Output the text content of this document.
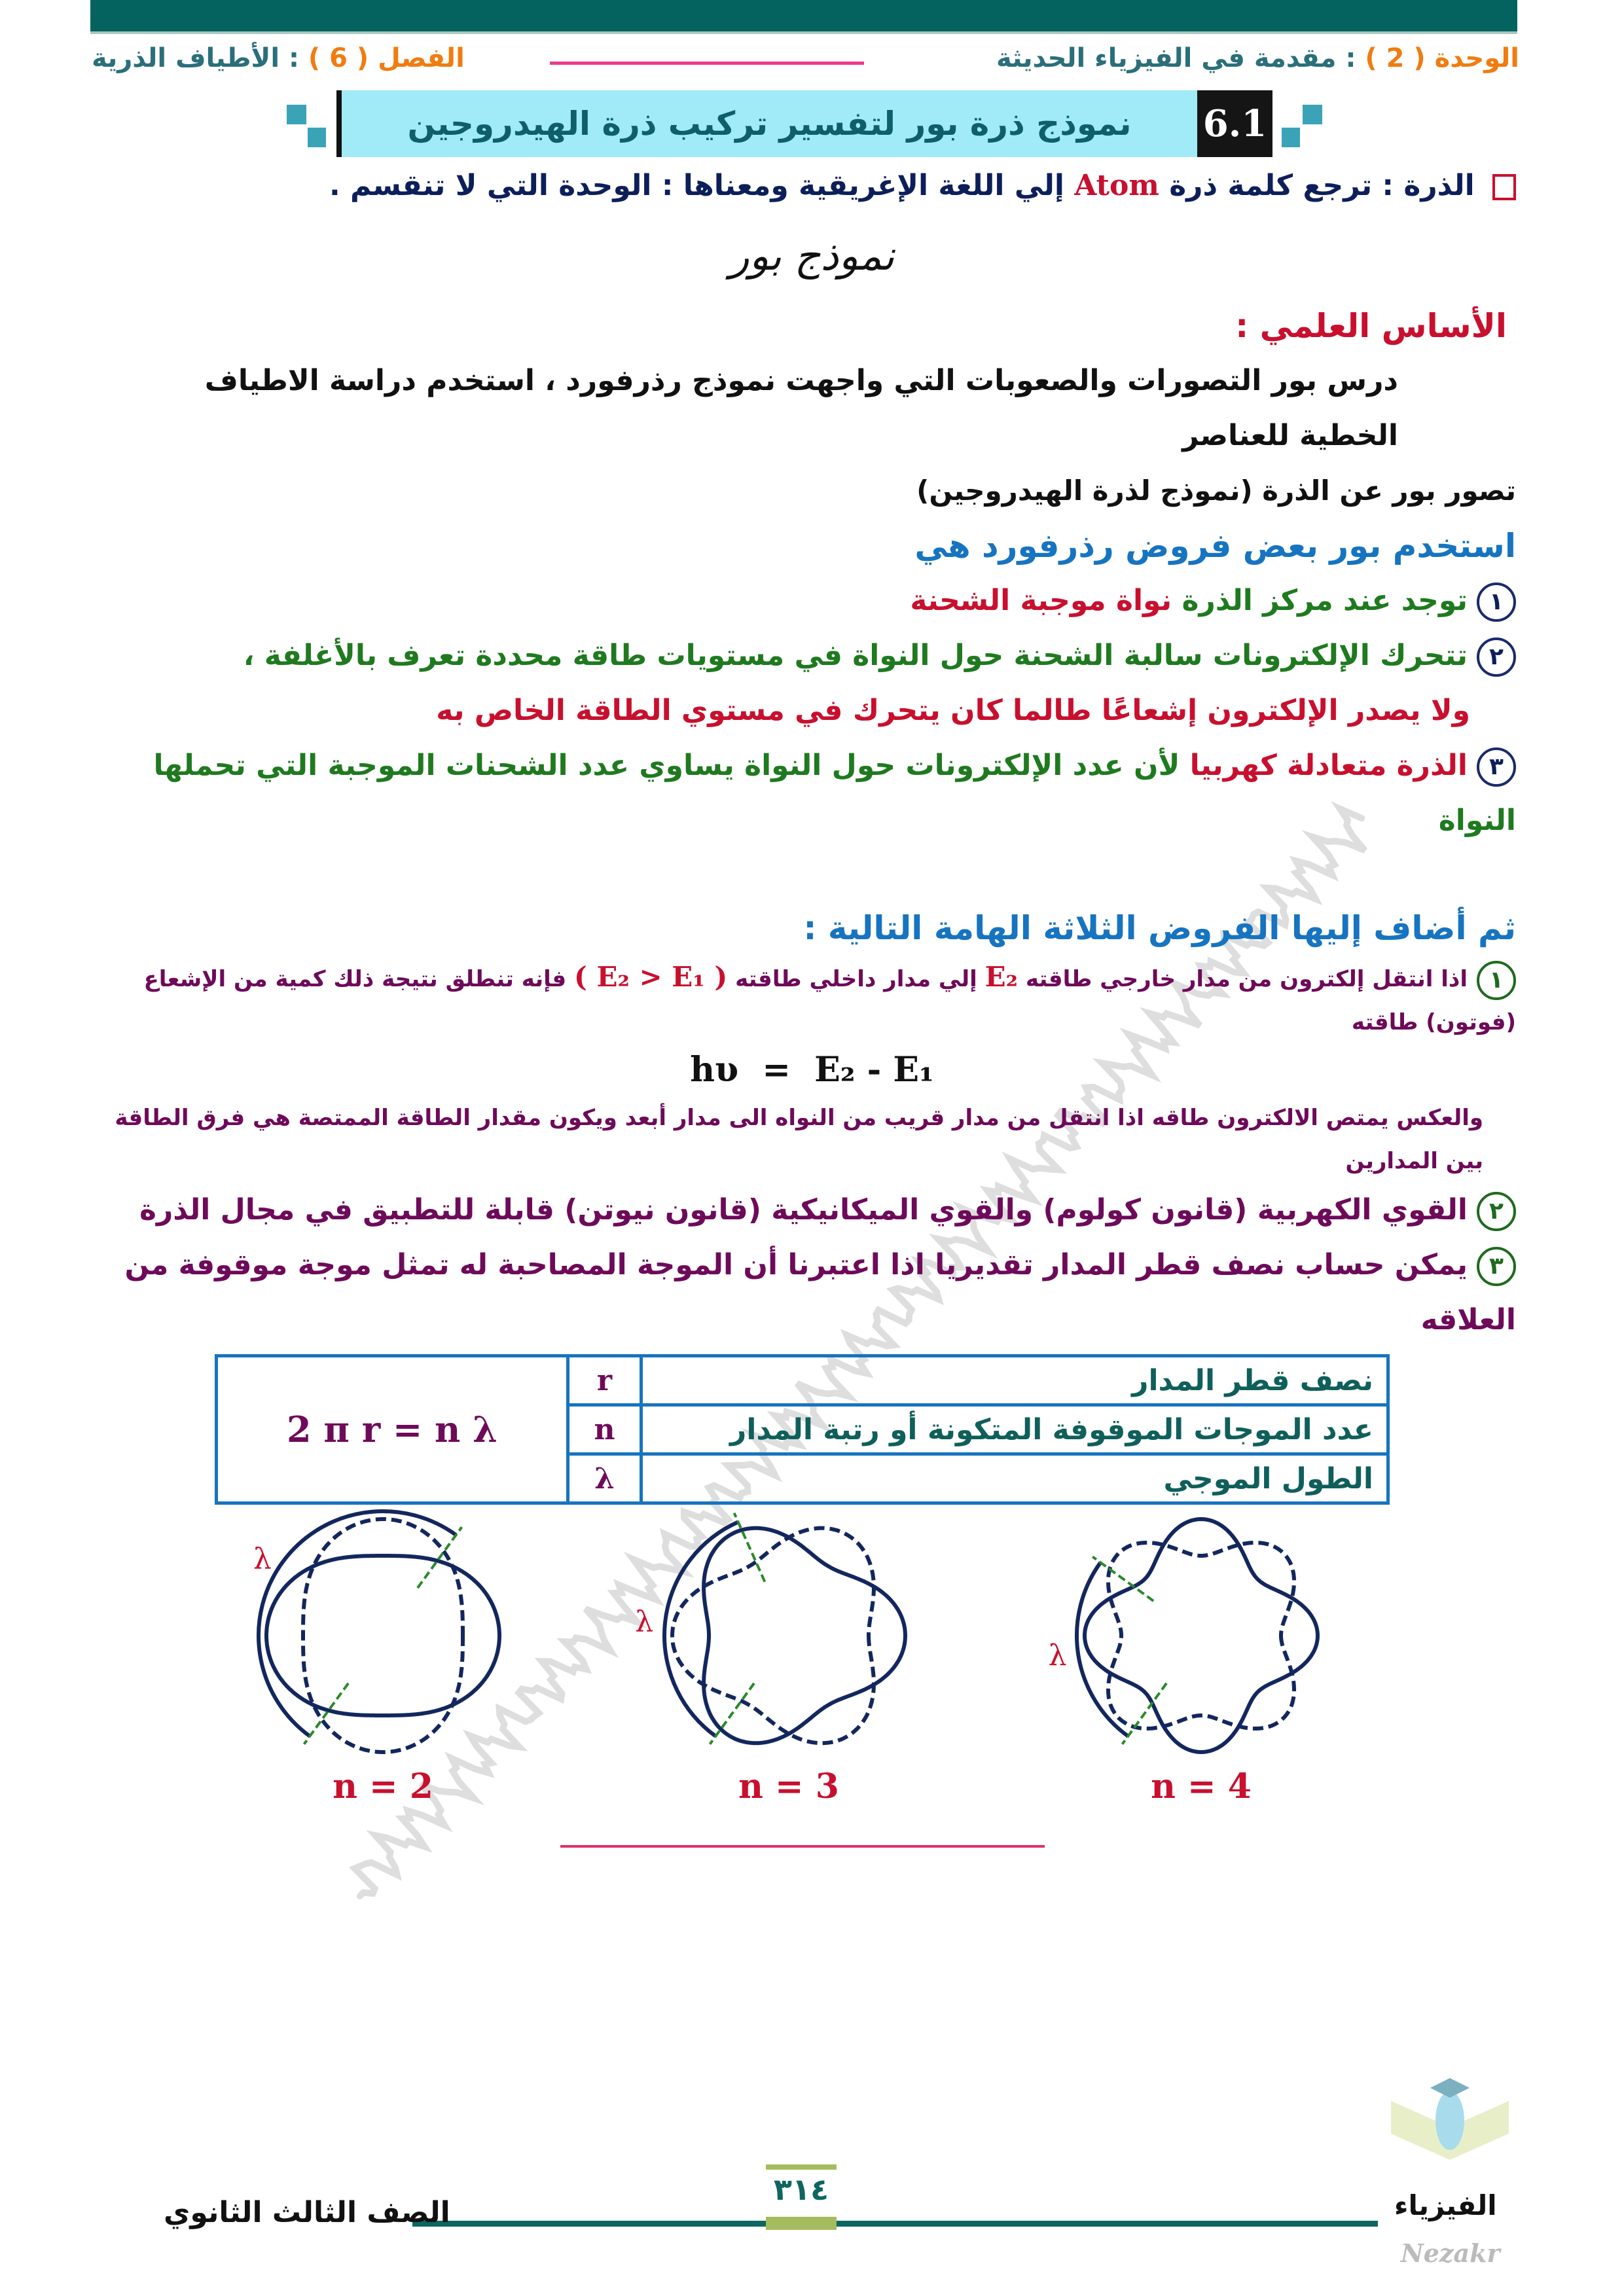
الوحدة ( 2 ) : مقدمة في الفيزياء الحديثة
الفصل ( 6 ) : الأطياف الذرية
6.1
نموذج ذرة بور لتفسير تركيب ذرة الهيدروجين
الذرة : ترجع كلمة ذرة Atom إلي اللغة الإغريقية ومعناها : الوحدة التي لا تنقسم .
نموذج بور
الأساس العلمي :
درس بور التصورات والصعوبات التي واجهت نموذج رذرفورد ، استخدم دراسة الاطياف الخطية للعناصر
تصور بور عن الذرة (نموذج لذرة الهيدروجين)
استخدم بور بعض فروض رذرفورد هي
١توجد عند مركز الذرة نواة موجبة الشحنة
٢تتحرك الإلكترونات سالبة الشحنة حول النواة في مستويات طاقة محددة تعرف بالأغلفة ،
ولا يصدر الإلكترون إشعاعًا طالما كان يتحرك في مستوي الطاقة الخاص به
٣الذرة متعادلة كهربيا لأن عدد الإلكترونات حول النواة يساوي عدد الشحنات الموجبة التي تحملها النواة
ثم أضاف إليها الفروض الثلاثة الهامة التالية :
١اذا انتقل إلكترون من مدار خارجي طاقته E₂ إلي مدار داخلي طاقته ( E₂ > E₁ ) فإنه تنطلق نتيجة ذلك كمية من الإشعاع (فوتون) طاقته
hυ  =  E₂ - E₁
والعكس يمتص الالكترون طاقه اذا انتقل من مدار قريب من النواه الى مدار أبعد ويكون مقدار الطاقة الممتصة هي فرق الطاقة بين المدارين
٢القوي الكهربية (قانون كولوم) والقوي الميكانيكية (قانون نيوتن) قابلة للتطبيق في مجال الذرة
٣يمكن حساب نصف قطر المدار تقديريا اذا اعتبرنا أن الموجة المصاحبة له تمثل موجة موقوفة من العلاقه
نصف قطر المدار	r	2 π r = n λ
عدد الموجات الموقوفة المتكونة أو رتبة المدار	n	
الطول الموجي	λ	
λ
n = 4
λ
n = 3
λ
n = 2
٣١٤
الصف الثالث الثانوي	الفيزياء
Nezakr
